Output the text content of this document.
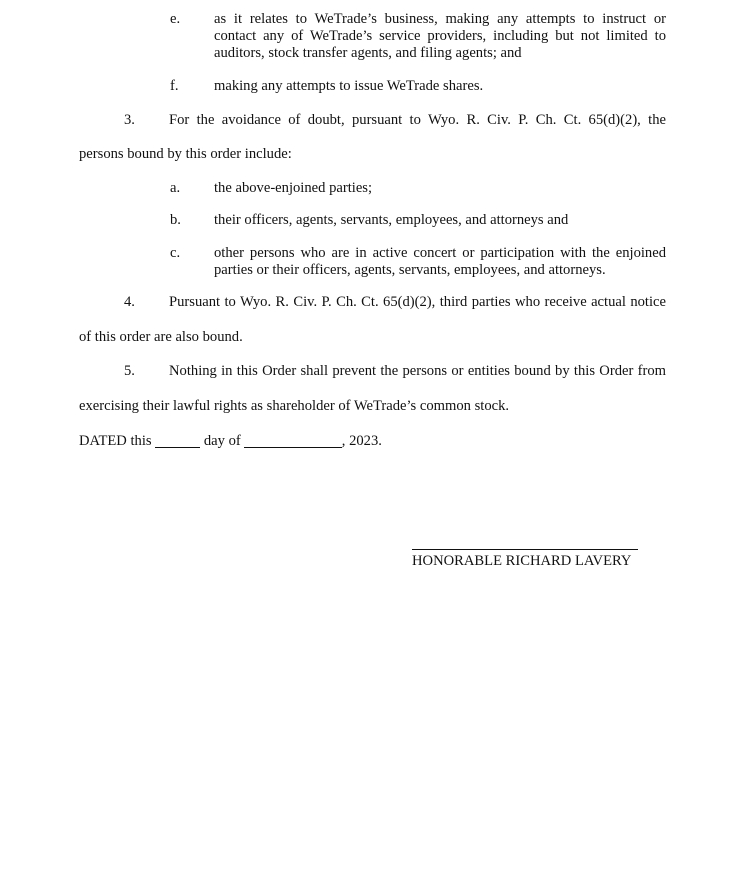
e. as it relates to WeTrade’s business, making any attempts to instruct or contact any of WeTrade’s service providers, including but not limited to auditors, stock transfer agents, and filing agents; and
f. making any attempts to issue WeTrade shares.
3. For the avoidance of doubt, pursuant to Wyo. R. Civ. P. Ch. Ct. 65(d)(2), the
persons bound by this order include:
a. the above-enjoined parties;
b. their officers, agents, servants, employees, and attorneys and
c. other persons who are in active concert or participation with the enjoined parties or their officers, agents, servants, employees, and attorneys.
4. Pursuant to Wyo. R. Civ. P. Ch. Ct. 65(d)(2), third parties who receive actual notice
of this order are also bound.
5. Nothing in this Order shall prevent the persons or entities bound by this Order from
exercising their lawful rights as shareholder of WeTrade’s common stock.
DATED this	day of	, 2023.
HONORABLE RICHARD LAVERY
